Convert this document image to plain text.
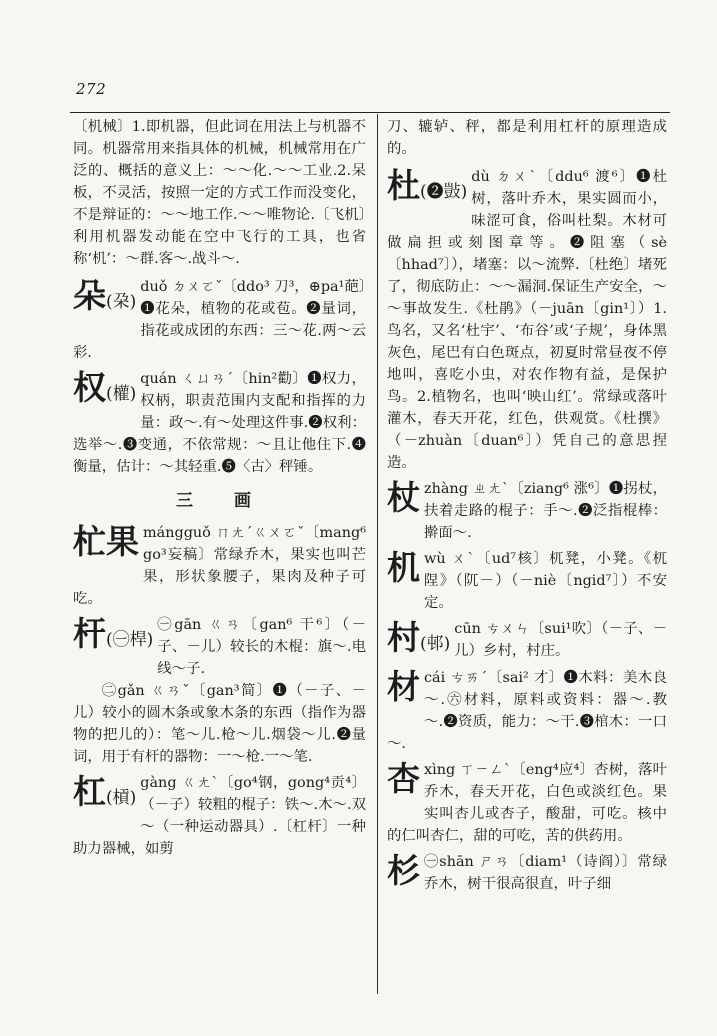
272

〔机械〕1.即机器，但此词在用法上与机器不同。机器常用来指具体的机械，机械常用在广泛的、概括的意义上：～～化.～～工业.2.呆板，不灵活，按照一定的方式工作而没变化，不是辩证的：～～地工作.～～唯物论.〔飞机〕利用机器发动能在空中飞行的工具，也省称‘机’：～群.客～.战斗～.

朵(朶)
duǒ ㄉㄨㄛˇ〔ddo³ 刀³，⊕pa¹葩〕❶花朵，植物的花或苞。❷量词，指花或成团的东西：三～花.两～云彩.
权(權)
quán ㄑㄩㄢˊ〔hin²勸〕❶权力，权柄，职责范围内支配和指挥的力量：政～.有～处理这件事.❷权利：选举～.❸变通，不依常规：～且让他住下.❹衡量，估计：～其轻重.❺〈古〉秤锤。
三　画
杧果 mángguǒ ㄇㄤˊㄍㄨㄛˇ〔mang⁶ go³妄稿〕常绿乔木，果实也叫芒果，形状象腰子，果肉及种子可吃。
杆(㊀桿)
㊀gān ㄍㄢ〔gan⁶ 干⁶〕（－子、－儿）较长的木棍：旗～.电线～子.

㊁gǎn ㄍㄢˇ〔gan³简〕❶（－子、－儿）较小的圆木条或象木条的东西（指作为器物的把儿的）：笔～儿.枪～儿.烟袋～儿.❷量词，用于有杆的器物：一～枪.一～笔.

杠(槓)
gàng ㄍㄤˋ〔go⁴钢，gong⁴贡⁴〕（－子）较粗的棍子：铁～.木～.双～（一种运动器具）.〔杠杆〕一种助力器械，如剪

刀、辘轳、秤，都是利用杠杆的原理造成的。

杜(❷敱)
dù ㄉㄨˋ〔ddu⁶ 渡⁶〕❶杜树，落叶乔木，果实圆而小，味涩可食，俗叫杜梨。木材可做扁担或刻图章等。❷阻塞（sè〔hhad⁷〕），堵塞：以～流弊.〔杜绝〕堵死了，彻底防止：～～漏洞.保证生产安全，～～事故发生.《杜鹃》（－juān〔gin¹〕）1.鸟名，又名‘杜宇’、‘布谷’或‘子规’，身体黑灰色，尾巴有白色斑点，初夏时常昼夜不停地叫，喜吃小虫，对农作物有益，是保护鸟。2.植物名，也叫‘映山红’。常绿或落叶灌木，春天开花，红色，供观赏。《杜撰》（－zhuàn〔duan⁶〕）凭自己的意思捏造。
杖 zhàng ㄓㄤˋ〔ziang⁶ 涨⁶〕❶拐杖，扶着走路的棍子：手～.❷泛指棍棒：擀面～.
机 wù ㄨˋ〔ud⁷核〕杌凳，小凳。《杌陧》（阢－）（－niè〔ngid⁷〕）不安定。
村(邨)
cūn ㄘㄨㄣ〔sui¹吹〕（－子、－儿）乡村，村庄。
材 cái ㄘㄞˊ〔sai² 才〕❶木料：美木良～.㊅材料，原料或资料：器～.教～.❷资质，能力：～干.❸棺木：一口～.
杏 xìng ㄒㄧㄥˋ〔eng⁴应⁴〕杏树，落叶乔木，春天开花，白色或淡红色。果实叫杏儿或杏子，酸甜，可吃。核中的仁叫杏仁，甜的可吃，苦的供药用。
杉 ㊀shān ㄕㄢ〔diam¹（诗阎）〕常绿乔木，树干很高很直，叶子细
